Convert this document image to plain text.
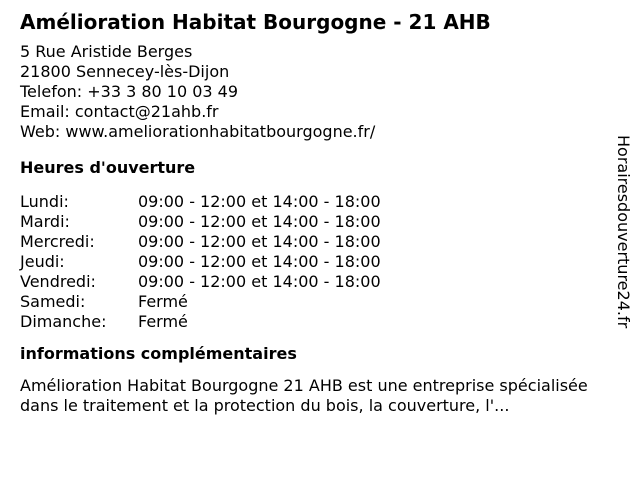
Amélioration Habitat Bourgogne - 21 AHB
5 Rue Aristide Berges
21800 Sennecey-lès-Dijon
Telefon: +33 3 80 10 03 49
Email: contact@21ahb.fr
Web: www.ameliorationhabitatbourgogne.fr/
Heures d'ouverture
Lundi:	09:00 - 12:00 et 14:00 - 18:00
Mardi:	09:00 - 12:00 et 14:00 - 18:00
Mercredi:	09:00 - 12:00 et 14:00 - 18:00
Jeudi:	09:00 - 12:00 et 14:00 - 18:00
Vendredi:	09:00 - 12:00 et 14:00 - 18:00
Samedi:	Fermé
Dimanche:	Fermé
informations complémentaires
Amélioration Habitat Bourgogne 21 AHB est une entreprise spécialisée dans le traitement et la protection du bois, la couverture, l'...
Horairesdouverture24.fr
